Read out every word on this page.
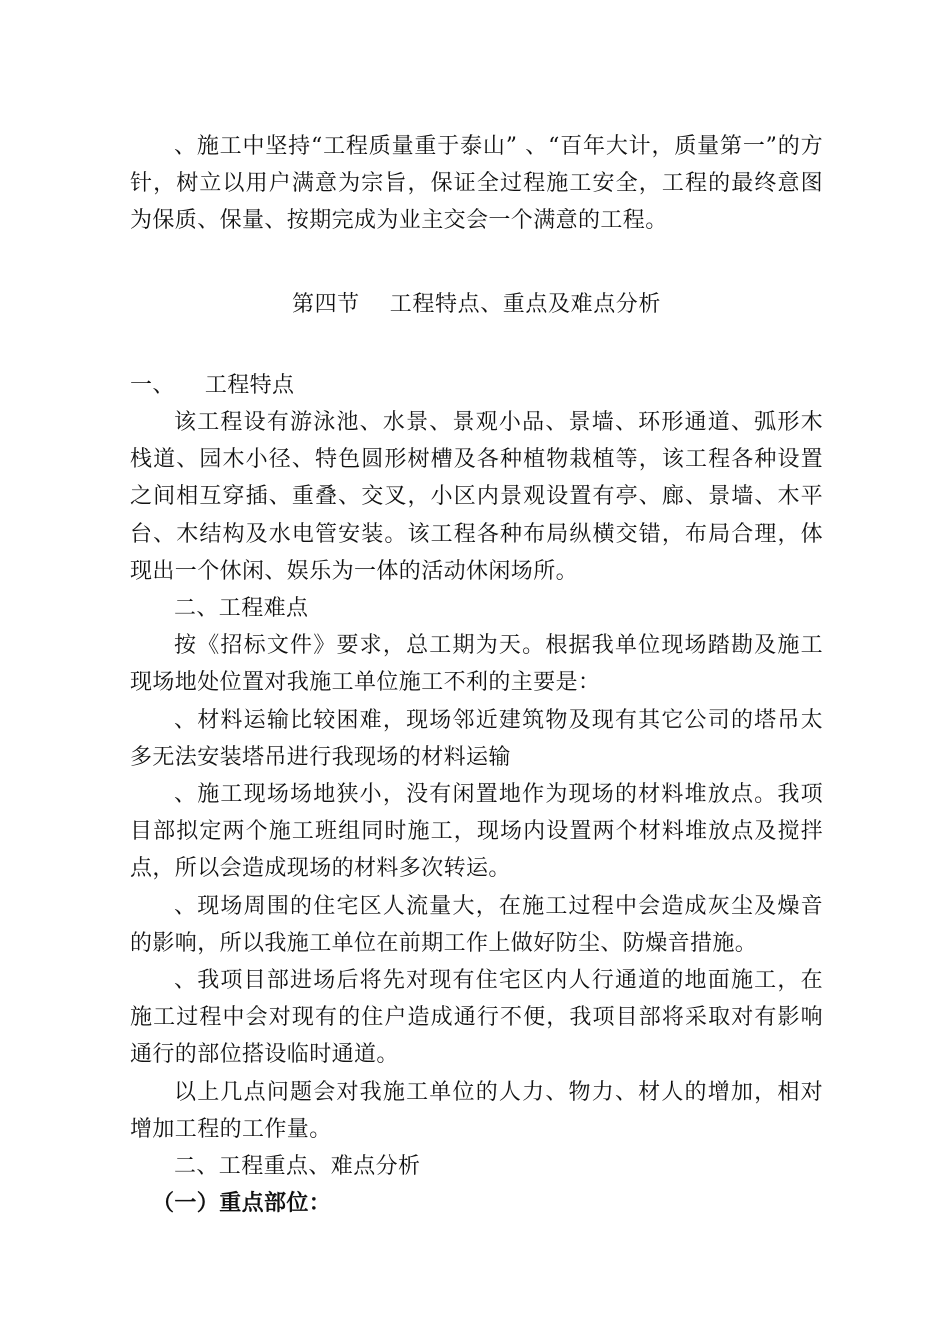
、施工中坚持“工程质量重于泰山” 、“百年大计，质量第一”的方针，树立以用户满意为宗旨，保证全过程施工安全，工程的最终意图为保质、保量、按期完成为业主交会一个满意的工程。

第四节 工程特点、重点及难点分析

一、 工程特点

该工程设有游泳池、水景、景观小品、景墙、环形通道、弧形木栈道、园木小径、特色圆形树槽及各种植物栽植等，该工程各种设置之间相互穿插、重叠、交叉，小区内景观设置有亭、廊、景墙、木平台、木结构及水电管安装。该工程各种布局纵横交错，布局合理，体现出一个休闲、娱乐为一体的活动休闲场所。

二、工程难点

按《招标文件》要求，总工期为天。根据我单位现场踏勘及施工现场地处位置对我施工单位施工不利的主要是：

、材料运输比较困难，现场邻近建筑物及现有其它公司的塔吊太多无法安装塔吊进行我现场的材料运输

、施工现场场地狭小，没有闲置地作为现场的材料堆放点。我项目部拟定两个施工班组同时施工，现场内设置两个材料堆放点及搅拌点，所以会造成现场的材料多次转运。

、现场周围的住宅区人流量大，在施工过程中会造成灰尘及燥音的影响，所以我施工单位在前期工作上做好防尘、防燥音措施。

、我项目部进场后将先对现有住宅区内人行通道的地面施工，在施工过程中会对现有的住户造成通行不便，我项目部将采取对有影响通行的部位搭设临时通道。

以上几点问题会对我施工单位的人力、物力、材人的增加，相对增加工程的工作量。

二、工程重点、难点分析

（一）重点部位：
